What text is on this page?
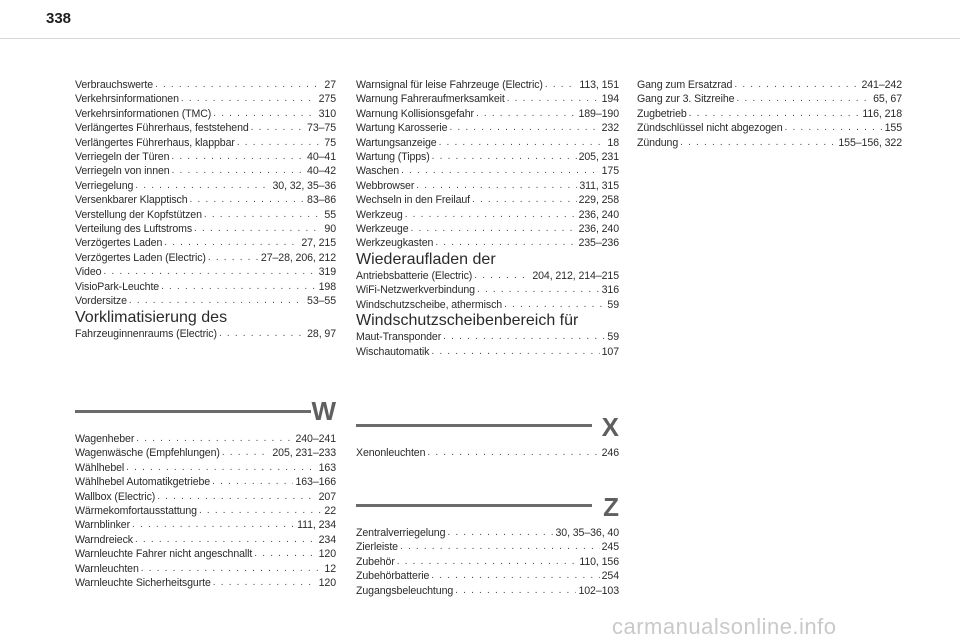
338
Verbrauchswerte . . .	27
Verkehrsinformationen . . .	275
Verkehrsinformationen (TMC) . . .	310
Verlängertes Führerhaus, feststehend . . .	73–75
Verlängertes Führerhaus, klappbar . . .	75
Verriegeln der Türen . . .	40–41
Verriegeln von innen . . .	40–42
Verriegelung . . .	30, 32, 35–36
Versenkbarer Klapptisch . . .	83–86
Verstellung der Kopfstützen . . .	55
Verteilung des Luftstroms . . .	90
Verzögertes Laden . . .	27, 215
Verzögertes Laden (Electric) . . .	27–28, 206, 212
Video . . .	319
VisioPark-Leuchte . . .	198
Vordersitze . . .	53–55
Vorklimatisierung des
Fahrzeuginnenraums (Electric) . . .	28, 97
W
Wagenheber . . .	240–241
Wagenwäsche (Empfehlungen) . . .	205, 231–233
Wählhebel . . .	163
Wählhebel Automatikgetriebe . . .	163–166
Wallbox (Electric) . . .	207
Wärmekomfortausstattung . . .	22
Warnblinker . . .	111, 234
Warndreieck . . .	234
Warnleuchte Fahrer nicht angeschnallt . . .	120
Warnleuchten . . .	12
Warnleuchte Sicherheitsgurte . . .	120
Warnsignal für leise Fahrzeuge (Electric) . . .	113, 151
Warnung Fahreraufmerksamkeit . . .	194
Warnung Kollisionsgefahr . . .	189–190
Wartung Karosserie . . .	232
Wartungsanzeige . . .	18
Wartung (Tipps) . . .	205, 231
Waschen . . .	175
Webbrowser . . .	311, 315
Wechseln in den Freilauf . . .	229, 258
Werkzeug . . .	236, 240
Werkzeuge . . .	236, 240
Werkzeugkasten . . .	235–236
Wiederaufladen der
Antriebsbatterie (Electric) . . .	204, 212, 214–215
WiFi-Netzwerkverbindung . . .	316
Windschutzscheibe, athermisch . . .	59
Windschutzscheibenbereich für
Maut-Transponder . . .	59
Wischautomatik . . .	107
X
Xenonleuchten . . .	246
Z
Zentralverriegelung . . .	30, 35–36, 40
Zierleiste . . .	245
Zubehör . . .	110, 156
Zubehörbatterie . . .	254
Zugangsbeleuchtung . . .	102–103
Gang zum Ersatzrad . . .	241–242
Gang zur 3. Sitzreihe . . .	65, 67
Zugbetrieb . . .	116, 218
Zündschlüssel nicht abgezogen . . .	155
Zündung . . .	155–156, 322
carmanualsonline.info
